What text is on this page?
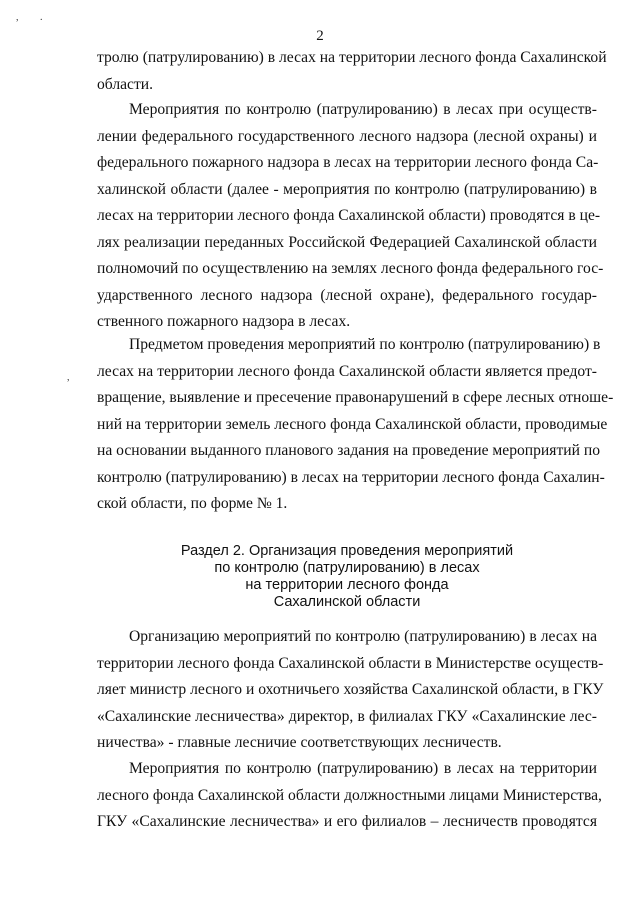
, .
,
2
тролю (патрулированию) в лесах на территории лесного фонда Сахалинской
области.
Мероприятия по контролю (патрулированию) в лесах при осуществ-
лении федерального государственного лесного надзора (лесной охраны) и
федерального пожарного надзора в лесах на территории лесного фонда Са-
халинской области (далее - мероприятия по контролю (патрулированию) в
лесах на территории лесного фонда Сахалинской области) проводятся в це-
лях реализации переданных Российской Федерацией Сахалинской области
полномочий по осуществлению на землях лесного фонда федерального гос-
ударственного лесного надзора (лесной охране), федерального государ-
ственного пожарного надзора в лесах.
Предметом проведения мероприятий по контролю (патрулированию) в
лесах на территории лесного фонда Сахалинской области является предот-
вращение, выявление и пресечение правонарушений в сфере лесных отноше-
ний на территории земель лесного фонда Сахалинской области, проводимые
на основании выданного планового задания на проведение мероприятий по
контролю (патрулированию) в лесах на территории лесного фонда Сахалин-
ской области, по форме № 1.
Раздел 2. Организация проведения мероприятий
по контролю (патрулированию) в лесах
на территории лесного фонда
Сахалинской области
Организацию мероприятий по контролю (патрулированию) в лесах на
территории лесного фонда Сахалинской области в Министерстве осуществ-
ляет министр лесного и охотничьего хозяйства Сахалинской области, в ГКУ
«Сахалинские лесничества» директор, в филиалах ГКУ «Сахалинские лес-
ничества» - главные лесничие соответствующих лесничеств.
Мероприятия по контролю (патрулированию) в лесах на территории
лесного фонда Сахалинской области должностными лицами Министерства,
ГКУ «Сахалинские лесничества» и его филиалов – лесничеств проводятся
